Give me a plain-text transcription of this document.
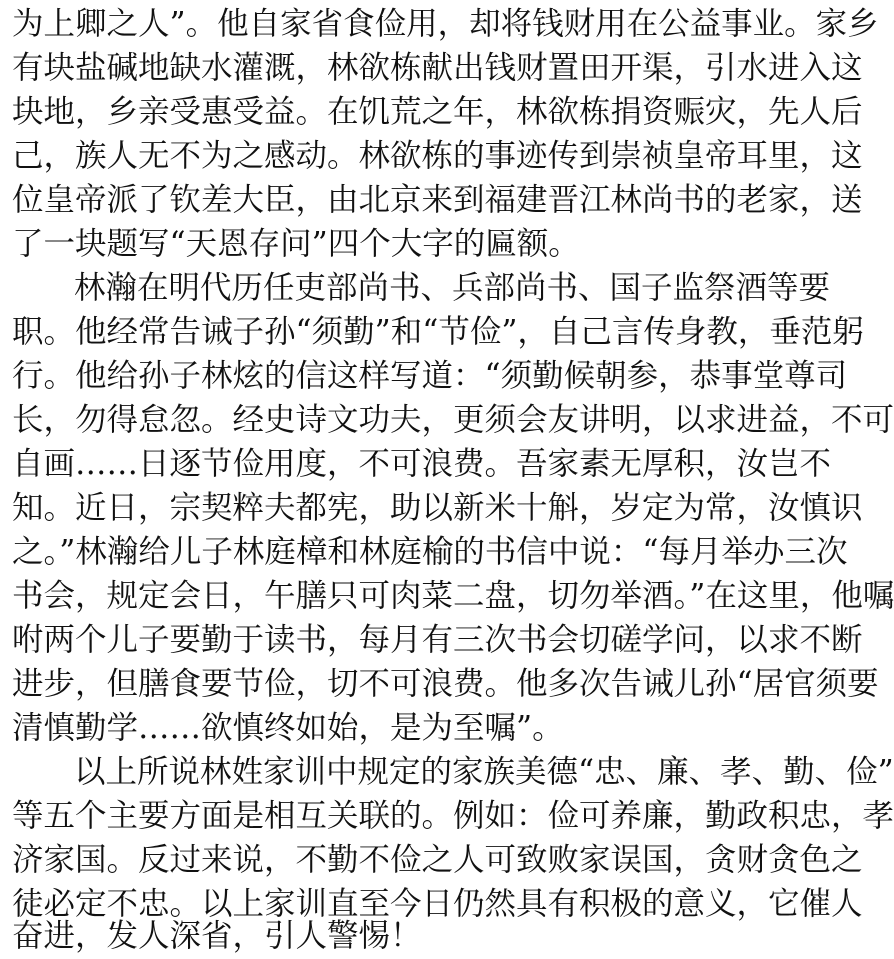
为上卿之人”。他自家省食俭用，却将钱财用在公益事业。家乡
有块盐碱地缺水灌溉，林欲栋献出钱财置田开渠，引水进入这
块地，乡亲受惠受益。在饥荒之年，林欲栋捐资赈灾，先人后
己，族人无不为之感动。林欲栋的事迹传到崇祯皇帝耳里，这
位皇帝派了钦差大臣，由北京来到福建晋江林尚书的老家，送
了一块题写“天恩存问”四个大字的匾额。
林瀚在明代历任吏部尚书、兵部尚书、国子监祭酒等要
职。他经常告诫子孙“须勤”和“节俭”，自己言传身教，垂范躬
行。他给孙子林炫的信这样写道：“须勤候朝参，恭事堂尊司
长，勿得怠忽。经史诗文功夫，更须会友讲明，以求进益，不可
自画……日逐节俭用度，不可浪费。吾家素无厚积，汝岂不
知。近日，宗契粹夫都宪，助以新米十斛，岁定为常，汝慎识
之。”林瀚给儿子林庭樟和林庭榆的书信中说：“每月举办三次
书会，规定会日，午膳只可肉菜二盘，切勿举酒。”在这里，他嘱
咐两个儿子要勤于读书，每月有三次书会切磋学问，以求不断
进步，但膳食要节俭，切不可浪费。他多次告诫儿孙“居官须要
清慎勤学……欲慎终如始，是为至嘱”。
以上所说林姓家训中规定的家族美德“忠、廉、孝、勤、俭”
等五个主要方面是相互关联的。例如：俭可养廉，勤政积忠，孝
济家国。反过来说，不勤不俭之人可致败家误国，贪财贪色之
徒必定不忠。以上家训直至今日仍然具有积极的意义，它催人
奋进，发人深省，引人警惕！
